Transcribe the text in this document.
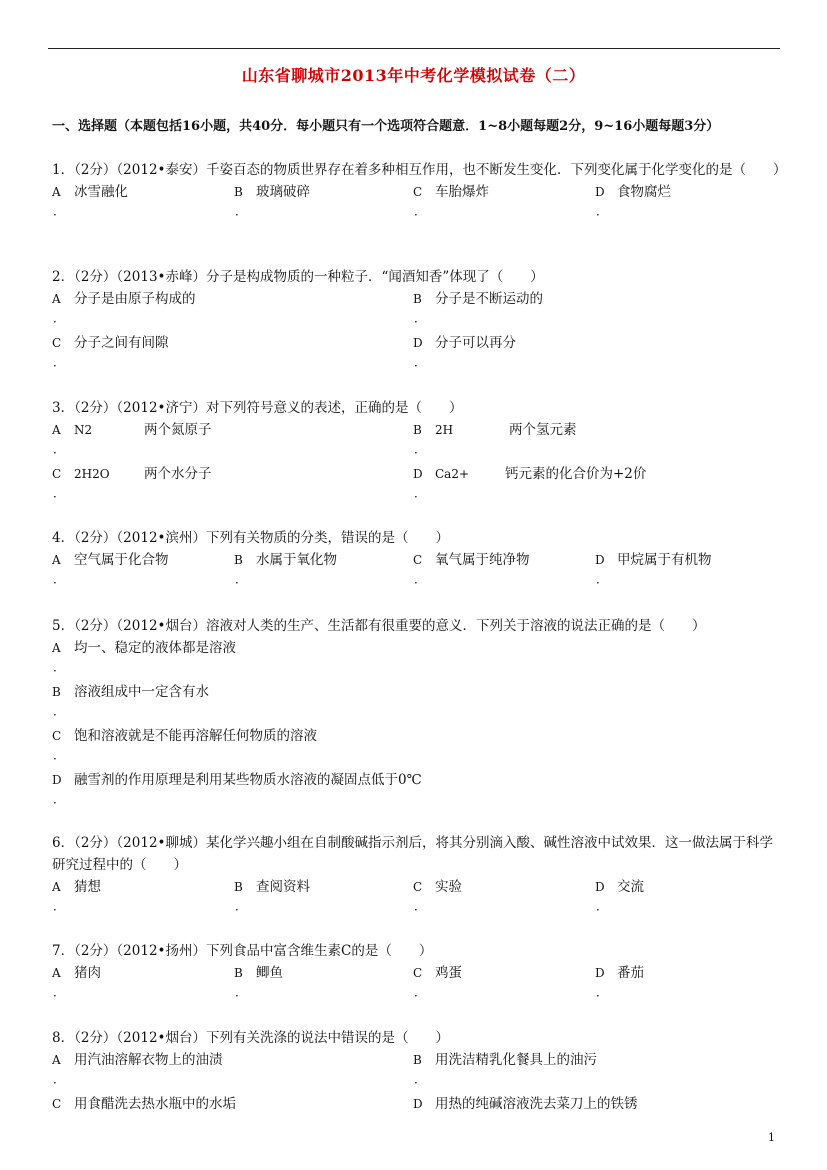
山东省聊城市2013年中考化学模拟试卷（二）
一、选择题（本题包括16小题，共40分．每小题只有一个选项符合题意．1~8小题每题2分，9~16小题每题3分）

1．（2分）（2012•泰安）千姿百态的物质世界存在着多种相互作用，也不断发生变化．下列变化属于化学变化的是（　　）

A
．
冰雪融化	B
．
玻璃破碎	C
．
车胎爆炸	D
．
食物腐烂

2．（2分）（2013•赤峰）分子是构成物质的一种粒子．“闻酒知香”体现了（　　）

A
．
分子是由原子构成的	B
．
分子是不断运动的
C
．
分子之间有间隙	D
．
分子可以再分

3．（2分）（2012•济宁）对下列符号意义的表述，正确的是（　　）

A
．
N2	两个氮原子	B
．
2H	两个氢元素
C
．
2H2O	两个水分子	D
．
Ca2+	钙元素的化合价为+2价

4．（2分）（2012•滨州）下列有关物质的分类，错误的是（　　）

A
．
空气属于化合物	B
．
水属于氧化物	C
．
氧气属于纯净物	D
．
甲烷属于有机物

5．（2分）（2012•烟台）溶液对人类的生产、生活都有很重要的意义．下列关于溶液的说法正确的是（　　）

A
．
均一、稳定的液体都是溶液
B
．
溶液组成中一定含有水
C
．
饱和溶液就是不能再溶解任何物质的溶液
D
．
融雪剂的作用原理是利用某些物质水溶液的凝固点低于0℃

6．（2分）（2012•聊城）某化学兴趣小组在自制酸碱指示剂后，将其分别滴入酸、碱性溶液中试效果．这一做法属于科学研究过程中的（　　）

A
．
猜想	B
．
查阅资料	C
．
实验	D
．
交流

7．（2分）（2012•扬州）下列食品中富含维生素C的是（　　）

A
．
猪肉	B
．
鲫鱼	C
．
鸡蛋	D
．
番茄

8．（2分）（2012•烟台）下列有关洗涤的说法中错误的是（　　）

A
．
用汽油溶解衣物上的油渍	B
．
用洗洁精乳化餐具上的油污
C 用食醋洗去热水瓶中的水垢	D 用热的纯碱溶液洗去菜刀上的铁锈
1
